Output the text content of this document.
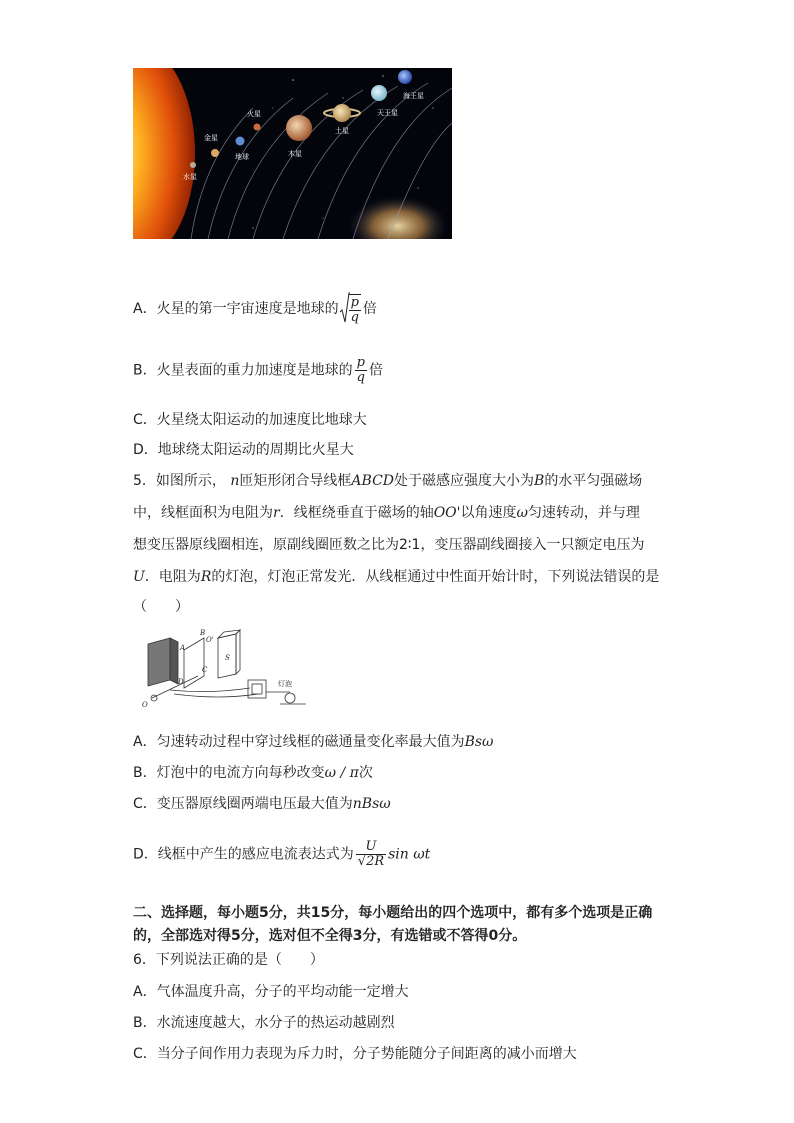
水星
金星
地球
火星
木星
土星
天王星
海王星
A．火星的第一宇宙速度是地球的 $\frac{p}{q}$ 倍
B．火星表面的重力加速度是地球的 $\frac{p}{q}$ 倍
C．火星绕太阳运动的加速度比地球大
D．地球绕太阳运动的周期比火星大
5．如图所示， n匝矩形闭合导线框ABCD处于磁感应强度大小为B的水平匀强磁场
中，线框面积为电阻为r．线框绕垂直于磁场的轴OO'以角速度ω匀速转动，并与理
想变压器原线圈相连，原副线圈匝数之比为2∶1，变压器副线圈接入一只额定电压为
U．电阻为R的灯泡，灯泡正常发光．从线框通过中性面开始计时，下列说法错误的是
（　　）
A
B
C
D
S
O
O'
灯泡
A．匀速转动过程中穿过线框的磁通量变化率最大值为Bsω
B．灯泡中的电流方向每秒改变ω / π次
C．变压器原线圈两端电压最大值为nBsω
D．线框中产生的感应电流表达式为 $\frac{U}{√2R}$ sin ωt
二、选择题，每小题5分，共15分，每小题给出的四个选项中，都有多个选项是正确
的，全部选对得5分，选对但不全得3分，有选错或不答得0分。
6．下列说法正确的是（　　）
A．气体温度升高，分子的平均动能一定增大
B．水流速度越大，水分子的热运动越剧烈
C．当分子间作用力表现为斥力时，分子势能随分子间距离的减小而增大
